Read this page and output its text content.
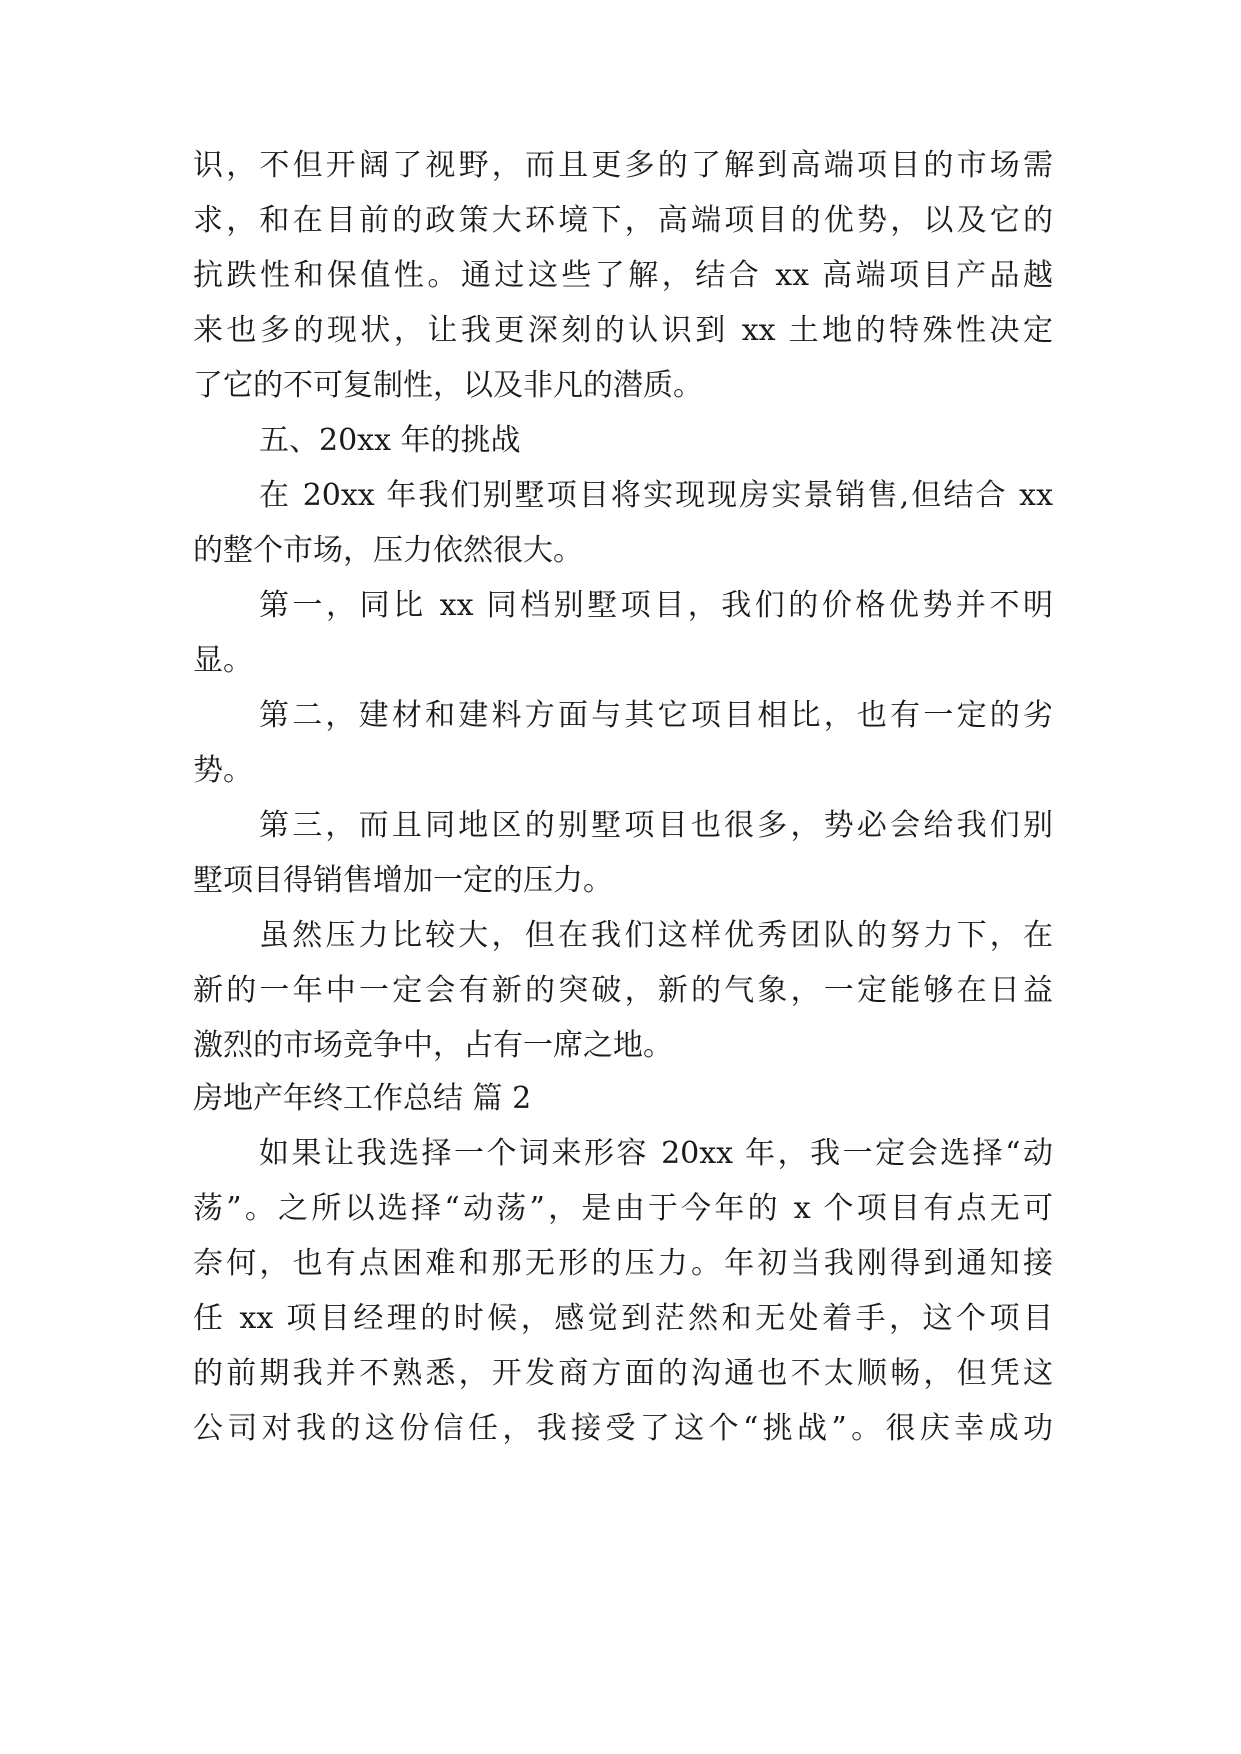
识，不但开阔了视野，而且更多的了解到高端项目的市场需
求，和在目前的政策大环境下，高端项目的优势，以及它的
抗跌性和保值性。通过这些了解，结合 xx 高端项目产品越
来也多的现状，让我更深刻的认识到 xx 土地的特殊性决定
了它的不可复制性，以及非凡的潜质。
五、20xx 年的挑战
在 20xx 年我们别墅项目将实现现房实景销售,但结合 xx
的整个市场，压力依然很大。
第一，同比 xx 同档别墅项目，我们的价格优势并不明
显。
第二，建材和建料方面与其它项目相比，也有一定的劣
势。
第三，而且同地区的别墅项目也很多，势必会给我们别
墅项目得销售增加一定的压力。
虽然压力比较大，但在我们这样优秀团队的努力下，在
新的一年中一定会有新的突破，新的气象，一定能够在日益
激烈的市场竞争中，占有一席之地。
房地产年终工作总结 篇 2
如果让我选择一个词来形容 20xx 年，我一定会选择“动
荡”。之所以选择“动荡”，是由于今年的 x 个项目有点无可
奈何，也有点困难和那无形的压力。年初当我刚得到通知接
任 xx 项目经理的时候，感觉到茫然和无处着手，这个项目
的前期我并不熟悉，开发商方面的沟通也不太顺畅，但凭这
公司对我的这份信任，我接受了这个“挑战”。很庆幸成功
